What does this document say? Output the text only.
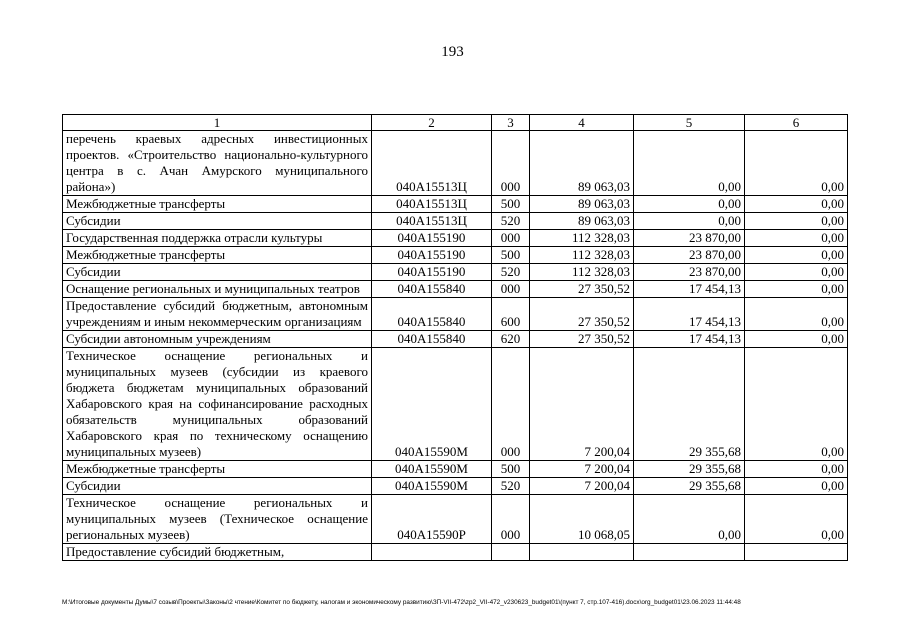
193
1	2	3	4	5	6
перечень краевых адресных инвестиционных проектов. «Строительство национально-культурного центра в с. Ачан Амурского муниципального района»)	040А15513Ц	000	89 063,03	0,00	0,00
Межбюджетные трансферты	040А15513Ц	500	89 063,03	0,00	0,00
Субсидии	040А15513Ц	520	89 063,03	0,00	0,00
Государственная поддержка отрасли культуры	040А155190	000	112 328,03	23 870,00	0,00
Межбюджетные трансферты	040А155190	500	112 328,03	23 870,00	0,00
Субсидии	040А155190	520	112 328,03	23 870,00	0,00
Оснащение региональных и муниципальных театров	040А155840	000	27 350,52	17 454,13	0,00
Предоставление субсидий бюджетным, автономным учреждениям и иным некоммерческим организациям	040А155840	600	27 350,52	17 454,13	0,00
Субсидии автономным учреждениям	040А155840	620	27 350,52	17 454,13	0,00
Техническое оснащение региональных и муниципальных музеев (субсидии из краевого бюджета бюджетам муниципальных образований Хабаровского края на софинансирование расходных обязательств муниципальных образований Хабаровского края по техническому оснащению муниципальных музеев)	040А15590М	000	7 200,04	29 355,68	0,00
Межбюджетные трансферты	040А15590М	500	7 200,04	29 355,68	0,00
Субсидии	040А15590М	520	7 200,04	29 355,68	0,00
Техническое оснащение региональных и муниципальных музеев (Техническое оснащение региональных музеев)	040А15590Р	000	10 068,05	0,00	0,00
Предоставление субсидий бюджетным,					
M:\Итоговые документы Думы\7 созыв\Проекты\Законы\2 чтение\Комитет по бюджету, налогам и экономическому развитию\ЗП-VII-472\zp2_VII-472_v230623_budget01\(пункт 7, стр.107-416).docx\org_budget01\23.06.2023 11:44:48
